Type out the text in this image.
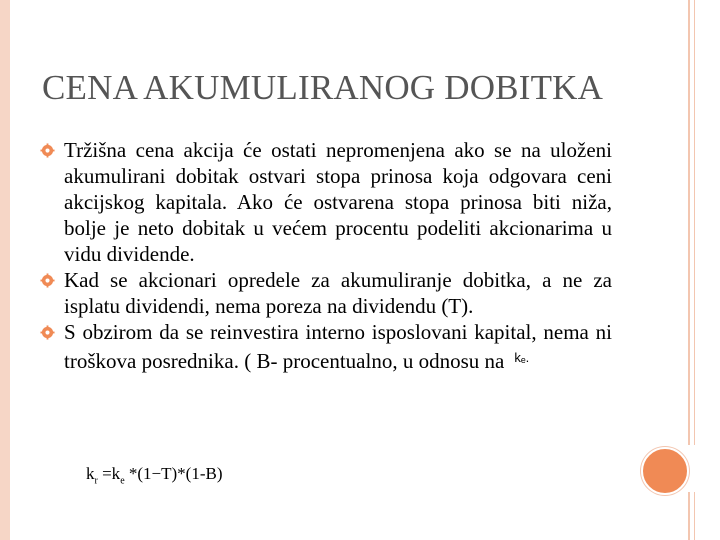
CENA AKUMULIRANOG DOBITKA
Tržišna cena akcija će ostati nepromenjena ako se na uloženi akumulirani dobitak ostvari stopa prinosa koja odgovara ceni akcijskog kapitala. Ako će ostvarena stopa prinosa biti niža, bolje je neto dobitak u većem procentu podeliti akcionarima u vidu dividende.
Kad se akcionari opredele za akumuliranje dobitka, a ne za isplatu dividendi, nema poreza na dividendu (T).
S obzirom da se reinvestira interno isposlovani kapital, nema ni troškova posrednika. ( B- procentualno, u odnosu na $^{k_e.}$
$k_r =k_e$ *(1−T)*(1-B)
